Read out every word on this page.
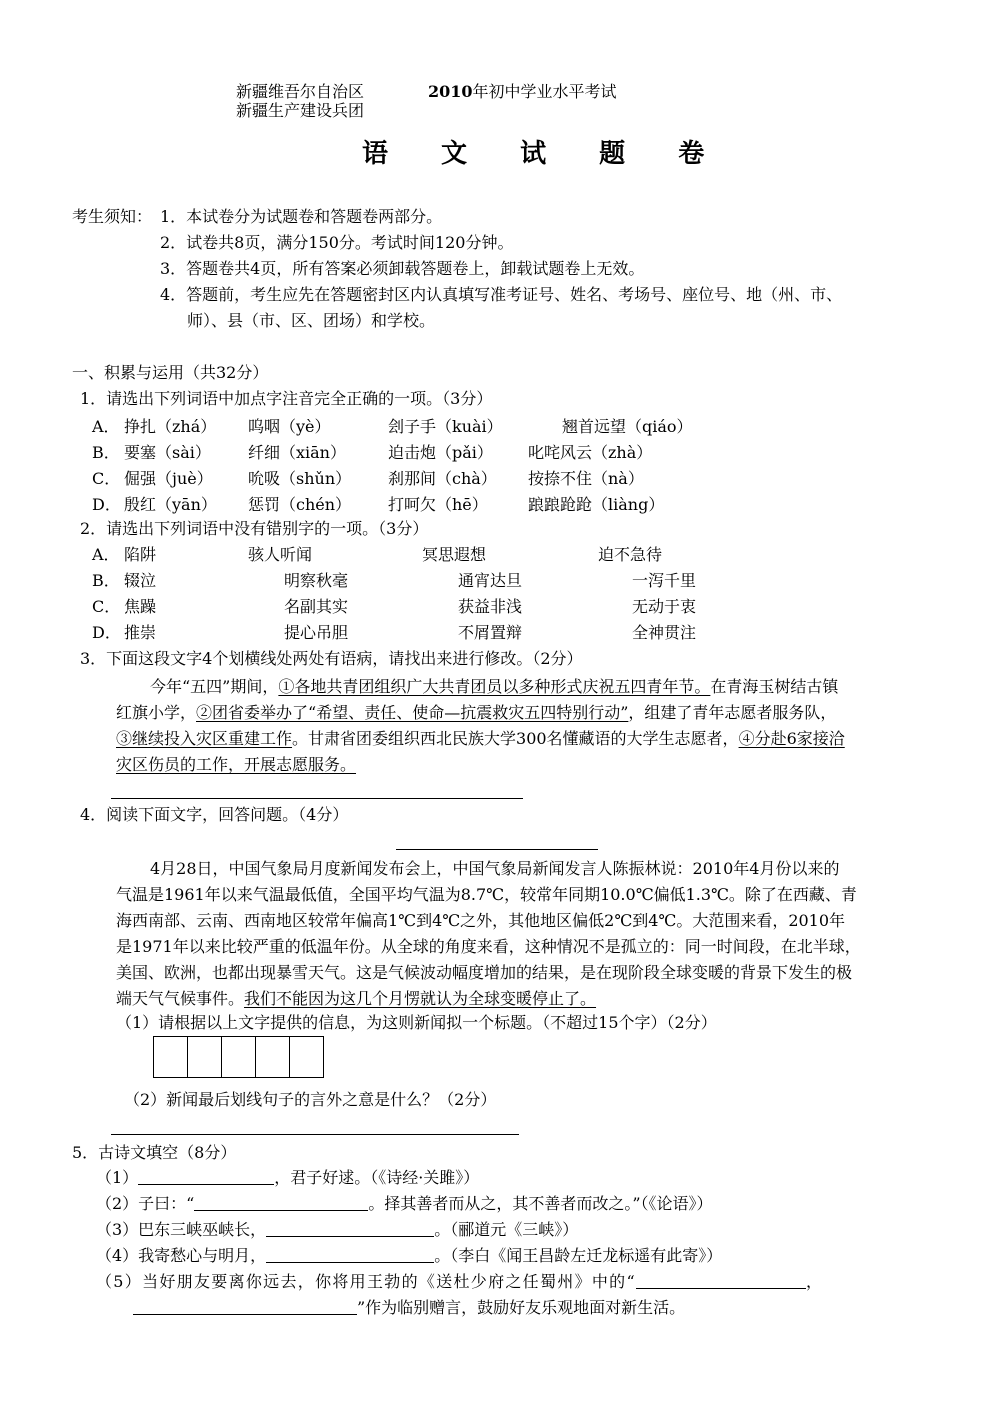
新疆维吾尔自治区
新疆生产建设兵团
2010年初中学业水平考试
语 文 试 题 卷
考生须知： 1．本试卷分为试题卷和答题卷两部分。
2．试卷共8页，满分150分。考试时间120分钟。
3．答题卷共4页，所有答案必须卸载答题卷上，卸载试题卷上无效。
4．答题前，考生应先在答题密封区内认真填写准考证号、姓名、考场号、座位号、地（州、市、
师）、县（市、区、团场）和学校。
一、积累与运用（共32分）
1．请选出下列词语中加点字注音完全正确的一项。（3分）
A． 挣扎（zhá） 呜咽（yè）	刽子手（kuài）	翘首远望（qiáo）
B． 要塞（sài） 纤细（xiān）	迫击炮（pǎi） 叱咤风云（zhà）
C． 倔强（juè） 吮吸（shǔn） 刹那间（chà） 按捺不住（nà）
D． 殷红（yān） 惩罚（chén） 打呵欠（hē）	踉踉跄跄（liàng）
2．请选出下列词语中没有错别字的一项。（3分）
A． 陷阱	骇人听闻	冥思遐想	迫不急待
B． 辍泣	明察秋毫	通宵达旦	一泻千里
C． 焦躁	名副其实	获益非浅	无动于衷
D． 推崇	提心吊胆	不屑置辩	全神贯注
3．下面这段文字4个划横线处两处有语病，请找出来进行修改。（2分）

今年“五四”期间，①各地共青团组织广大共青团员以多种形式庆祝五四青年节。在青海玉树结古镇

红旗小学，②团省委举办了“希望、责任、使命—抗震救灾五四特别行动”，组建了青年志愿者服务队，

③继续投入灾区重建工作。甘肃省团委组织西北民族大学300名懂藏语的大学生志愿者，④分赴6家接洽

灾区伤员的工作，开展志愿服务。

4．阅读下面文字，回答问题。（4分）

4月28日，中国气象局月度新闻发布会上，中国气象局新闻发言人陈振林说：2010年4月份以来的

气温是1961年以来气温最低值，全国平均气温为8.7℃，较常年同期10.0℃偏低1.3℃。除了在西藏、青

海西南部、云南、西南地区较常年偏高1℃到4℃之外，其他地区偏低2℃到4℃。大范围来看，2010年

是1971年以来比较严重的低温年份。从全球的角度来看，这种情况不是孤立的：同一时间段，在北半球，

美国、欧洲，也都出现暴雪天气。这是气候波动幅度增加的结果，是在现阶段全球变暖的背景下发生的极

端天气气候事件。我们不能因为这几个月愣就认为全球变暖停止了。

（1）请根据以上文字提供的信息，为这则新闻拟一个标题。（不超过15个字）（2分）
（2）新闻最后划线句子的言外之意是什么？（2分）
5．古诗文填空（8分）
（1）	，君子好逑。（《诗经·关雎》）
（2）子曰：“	。择其善者而从之，其不善者而改之。”（《论语》）
（3）巴东三峡巫峡长，	。（郦道元《三峡》）
（4）我寄愁心与明月，	。（李白《闻王昌龄左迁龙标遥有此寄》）
（5）当好朋友要离你远去，你将用王勃的《送杜少府之任蜀州》中的“	，
”作为临别赠言，鼓励好友乐观地面对新生活。
